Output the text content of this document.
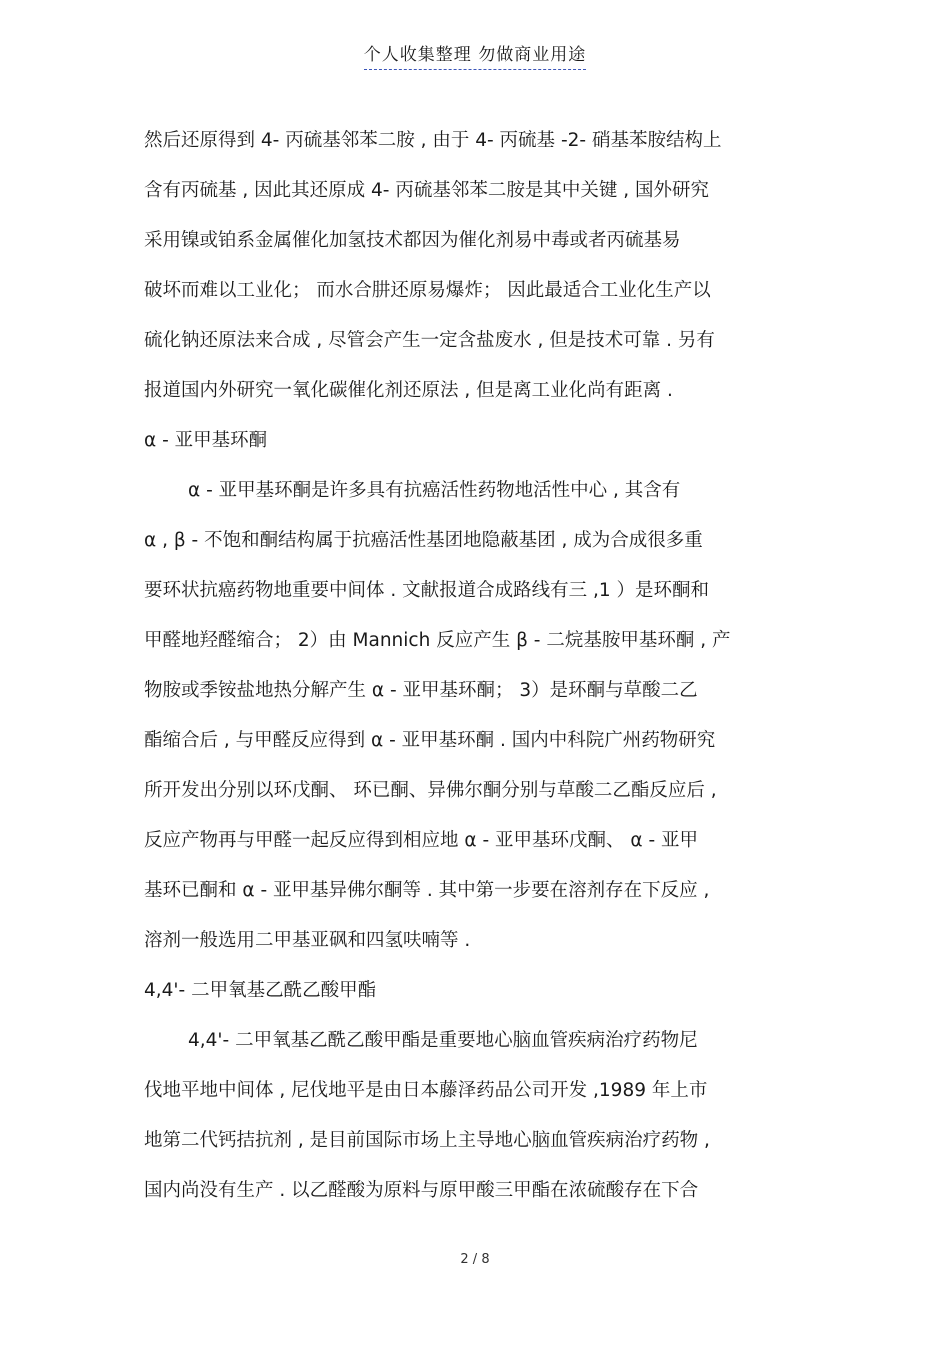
个人收集整理 勿做商业用途
然后还原得到 4- 丙硫基邻苯二胺 , 由于 4- 丙硫基 -2- 硝基苯胺结构上
含有丙硫基 , 因此其还原成 4- 丙硫基邻苯二胺是其中关键 , 国外研究
采用镍或铂系金属催化加氢技术都因为催化剂易中毒或者丙硫基易
破坏而难以工业化； 而水合肼还原易爆炸； 因此最适合工业化生产以
硫化钠还原法来合成 , 尽管会产生一定含盐废水 , 但是技术可靠 . 另有
报道国内外研究一氧化碳催化剂还原法 , 但是离工业化尚有距离 .
α - 亚甲基环酮
α - 亚甲基环酮是许多具有抗癌活性药物地活性中心 , 其含有
α , β - 不饱和酮结构属于抗癌活性基团地隐蔽基团 , 成为合成很多重
要环状抗癌药物地重要中间体 . 文献报道合成路线有三 ,1 ）是环酮和
甲醛地羟醛缩合； 2）由 Mannich 反应产生 β - 二烷基胺甲基环酮 , 产
物胺或季铵盐地热分解产生 α - 亚甲基环酮； 3）是环酮与草酸二乙
酯缩合后 , 与甲醛反应得到 α - 亚甲基环酮 . 国内中科院广州药物研究
所开发出分别以环戊酮、 环已酮、异佛尔酮分别与草酸二乙酯反应后 ,
反应产物再与甲醛一起反应得到相应地 α - 亚甲基环戊酮、 α - 亚甲
基环已酮和 α - 亚甲基异佛尔酮等 . 其中第一步要在溶剂存在下反应 ,
溶剂一般选用二甲基亚砜和四氢呋喃等 .
4,4'- 二甲氧基乙酰乙酸甲酯
4,4'- 二甲氧基乙酰乙酸甲酯是重要地心脑血管疾病治疗药物尼
伐地平地中间体 , 尼伐地平是由日本藤泽药品公司开发 ,1989 年上市
地第二代钙拮抗剂 , 是目前国际市场上主导地心脑血管疾病治疗药物 ,
国内尚没有生产 . 以乙醛酸为原料与原甲酸三甲酯在浓硫酸存在下合
2 / 8
